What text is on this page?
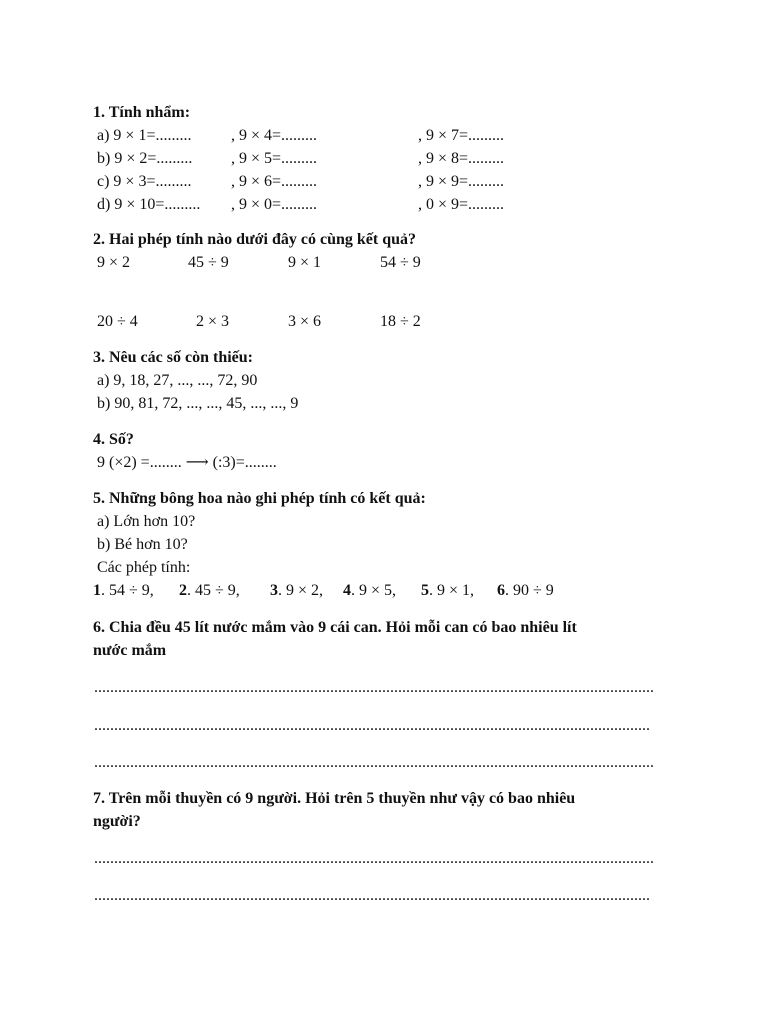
1. Tính nhẩm:
a) 9 × 1=......... , 9 × 4=.........	, 9 × 7=.........
b) 9 × 2=......... , 9 × 5=.........	, 9 × 8=.........
c) 9 × 3=......... , 9 × 6=.........	, 9 × 9=.........
d) 9 × 10=......... , 9 × 0=.........	, 0 × 9=.........
2. Hai phép tính nào dưới đây có cùng kết quả?
9 × 2	45 ÷ 9	9 × 1	54 ÷ 9
20 ÷ 4	2 × 3	3 × 6	18 ÷ 2
3. Nêu các số còn thiếu:
a) 9, 18, 27, ..., ..., 72, 90
b) 90, 81, 72, ..., ..., 45, ..., ..., 9
4. Số?
9 (×2) =........ ⟶ (:3)=........
5. Những bông hoa nào ghi phép tính có kết quả:
a) Lớn hơn 10?
b) Bé hơn 10?
Các phép tính:
1. 54 ÷ 9, 2. 45 ÷ 9, 3. 9 × 2, 4. 9 × 5, 5. 9 × 1, 6. 90 ÷ 9
6. Chia đều 45 lít nước mắm vào 9 cái can. Hỏi mỗi can có bao nhiêu lít
nước mắm
............................................................................................................................................
...........................................................................................................................................
............................................................................................................................................
7. Trên mỗi thuyền có 9 người. Hỏi trên 5 thuyền như vậy có bao nhiêu
người?
............................................................................................................................................
...........................................................................................................................................
